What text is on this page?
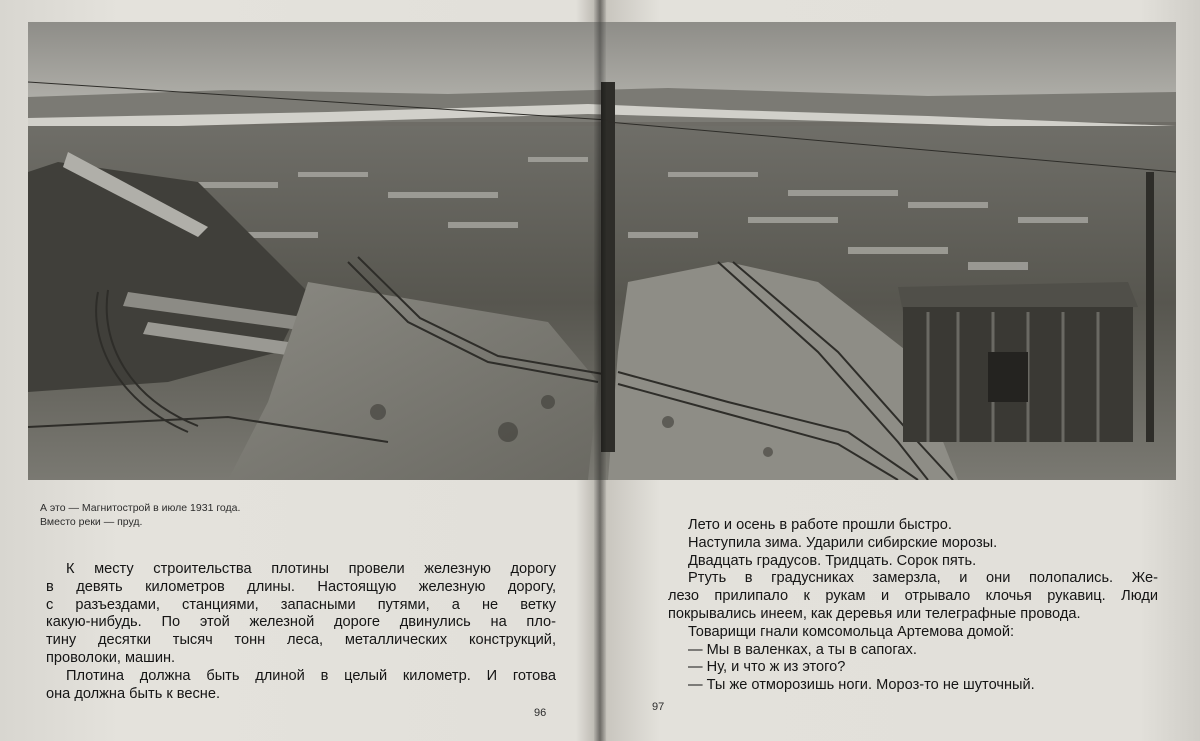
А это — Магнитострой в июле 1931 года.
Вместо реки — пруд.
К месту строительства плотины провели железную дорогу
в девять километров длины. Настоящую железную дорогу,
с разъездами, станциями, запасными путями, а не ветку
какую-нибудь. По этой железной дороге двинулись на пло-
тину десятки тысяч тонн леса, металлических конструкций,
проволоки, машин.
Плотина должна быть длиной в целый километр. И готова
она должна быть к весне.
96
Лето и осень в работе прошли быстро.
Наступила зима. Ударили сибирские морозы.
Двадцать градусов. Тридцать. Сорок пять.
Ртуть в градусниках замерзла, и они полопались. Же-
лезо прилипало к рукам и отрывало клочья рукавиц. Люди
покрывались инеем, как деревья или телеграфные провода.
Товарищи гнали комсомольца Артемова домой:
— Мы в валенках, а ты в сапогах.
— Ну, и что ж из этого?
— Ты же отморозишь ноги. Мороз-то не шуточный.
97
